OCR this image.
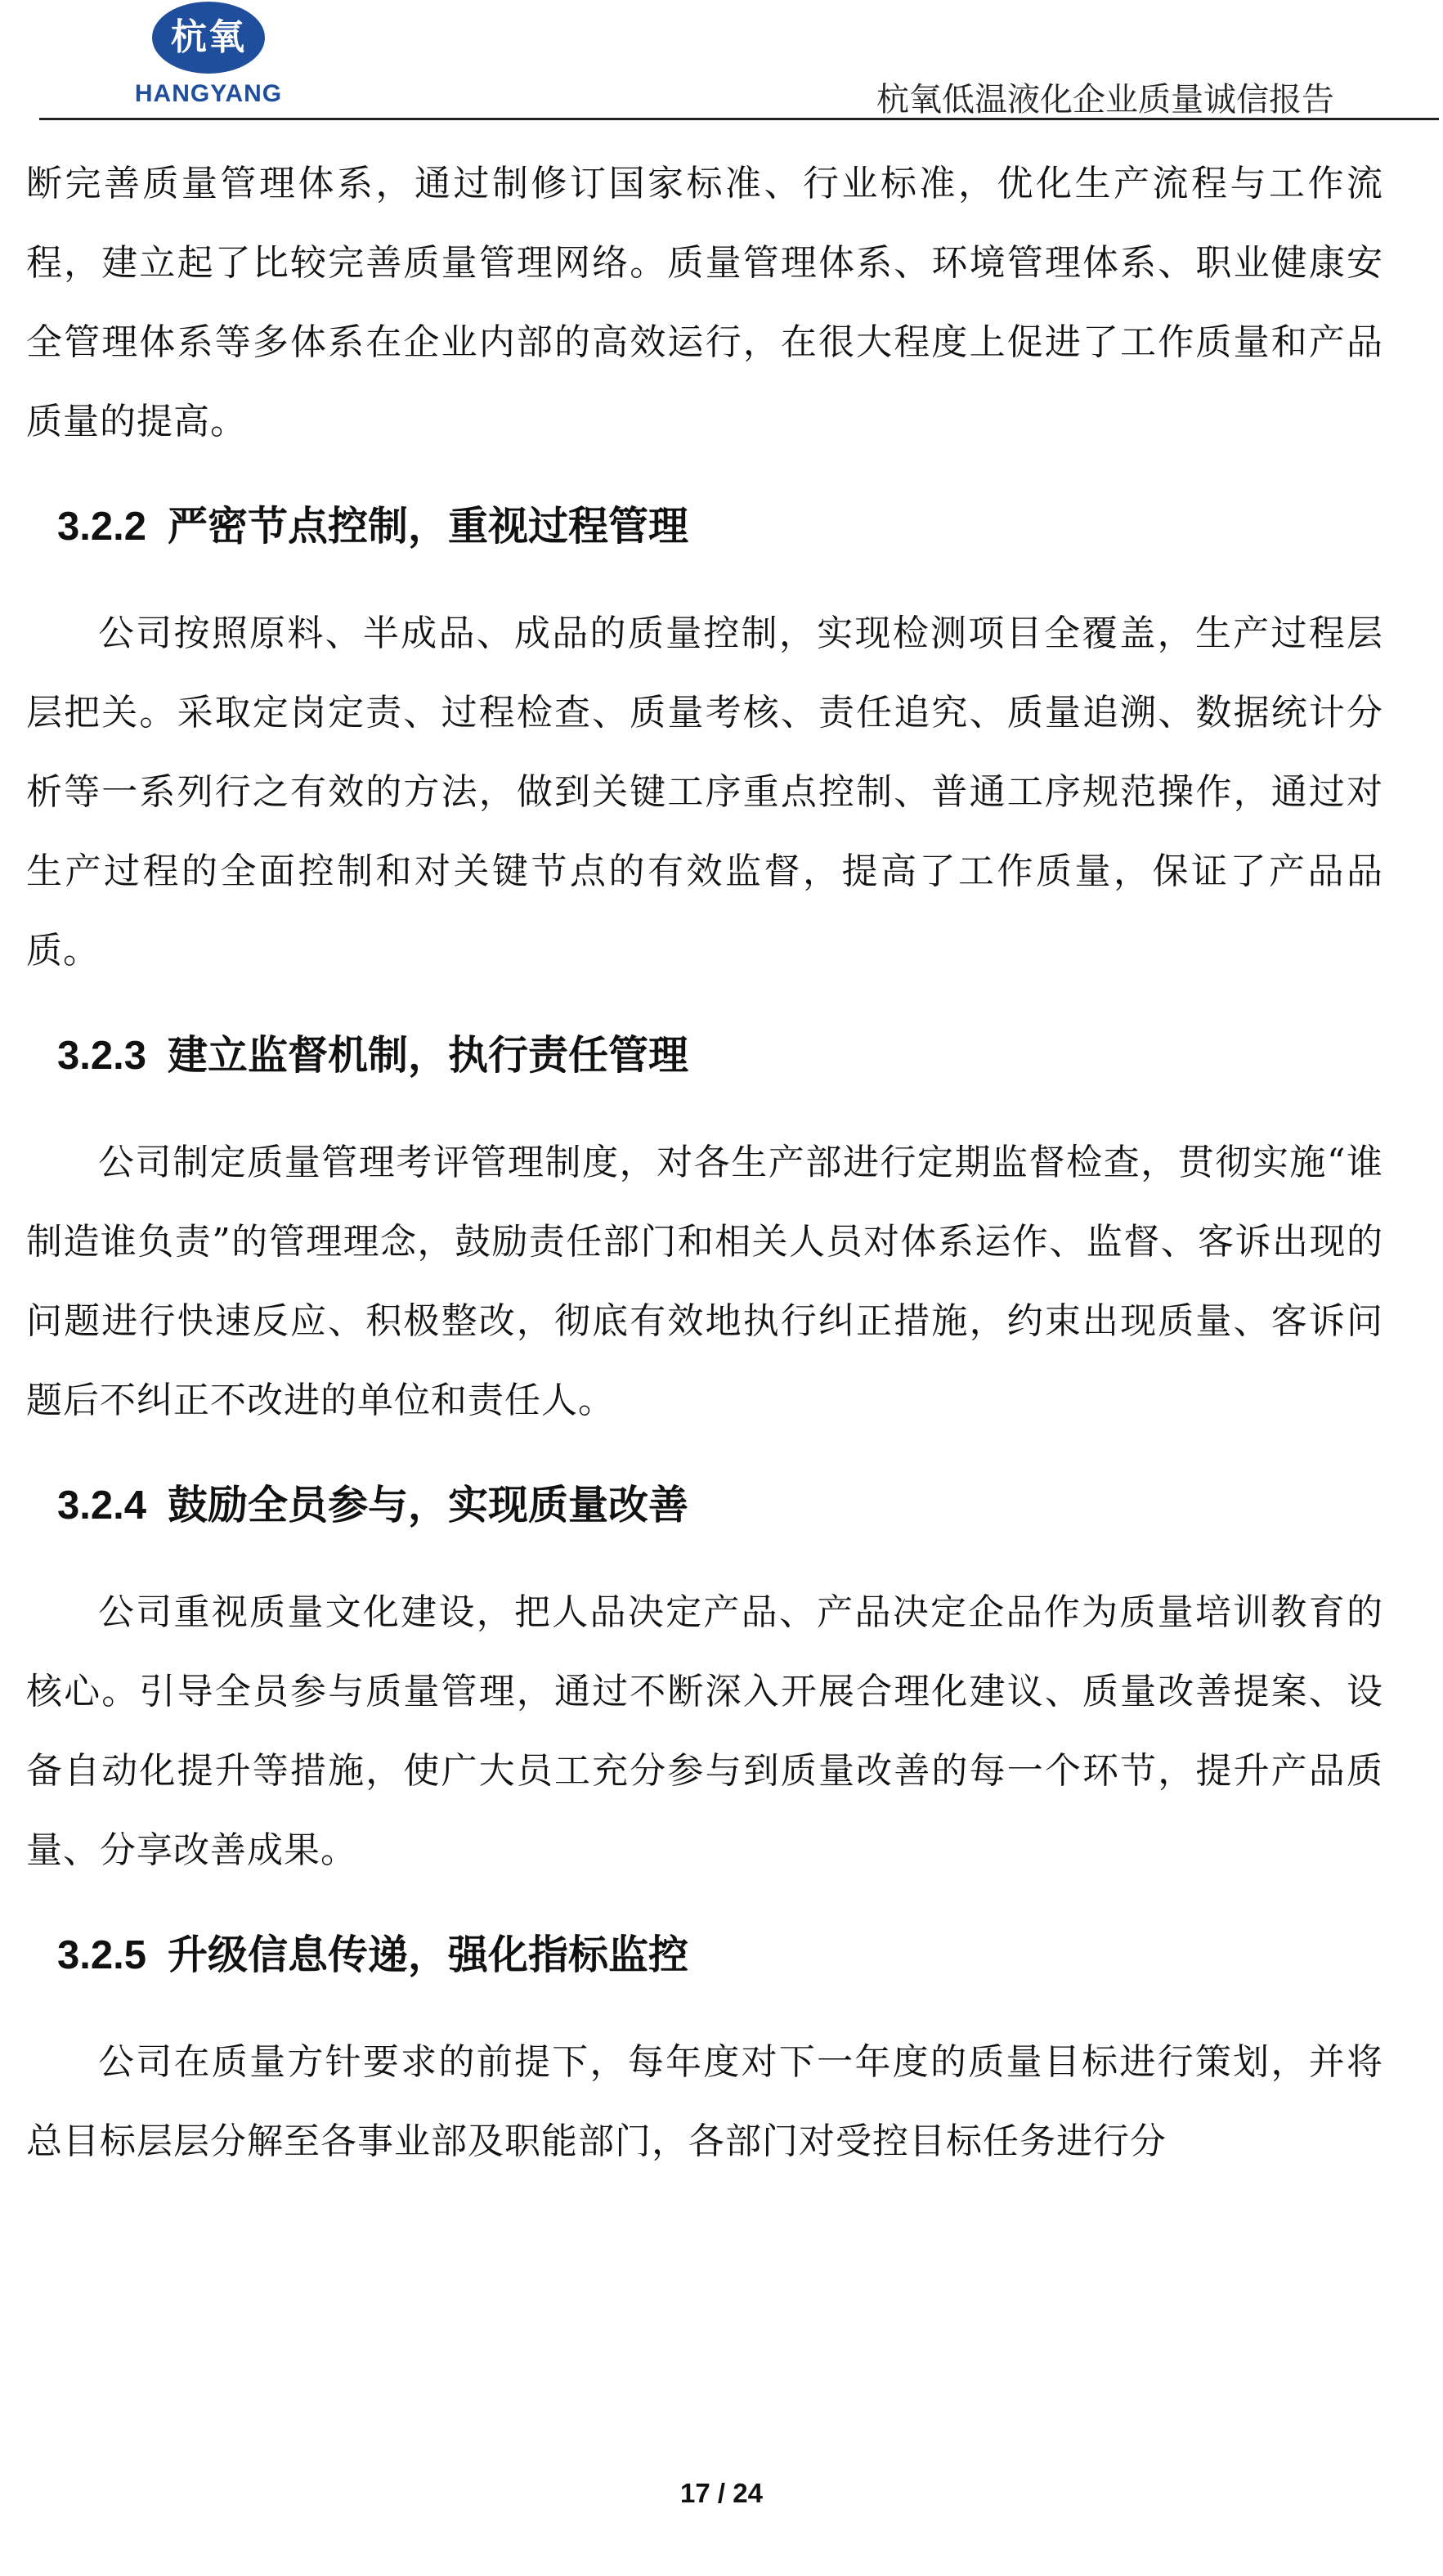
杭氧
HANGYANG	杭氧低温液化企业质量诚信报告

断完善质量管理体系，通过制修订国家标准、行业标准，优化生产流程与工作流程，建立起了比较完善质量管理网络。质量管理体系、环境管理体系、职业健康安全管理体系等多体系在企业内部的高效运行，在很大程度上促进了工作质量和产品质量的提高。

3.2.2 严密节点控制，重视过程管理

公司按照原料、半成品、成品的质量控制，实现检测项目全覆盖，生产过程层层把关。采取定岗定责、过程检查、质量考核、责任追究、质量追溯、数据统计分析等一系列行之有效的方法，做到关键工序重点控制、普通工序规范操作，通过对生产过程的全面控制和对关键节点的有效监督，提高了工作质量，保证了产品品质。

3.2.3 建立监督机制，执行责任管理

公司制定质量管理考评管理制度，对各生产部进行定期监督检查，贯彻实施“谁制造谁负责”的管理理念，鼓励责任部门和相关人员对体系运作、监督、客诉出现的问题进行快速反应、积极整改，彻底有效地执行纠正措施，约束出现质量、客诉问题后不纠正不改进的单位和责任人。

3.2.4 鼓励全员参与，实现质量改善

公司重视质量文化建设，把人品决定产品、产品决定企品作为质量培训教育的核心。引导全员参与质量管理，通过不断深入开展合理化建议、质量改善提案、设备自动化提升等措施，使广大员工充分参与到质量改善的每一个环节，提升产品质量、分享改善成果。

3.2.5 升级信息传递，强化指标监控

公司在质量方针要求的前提下，每年度对下一年度的质量目标进行策划，并将总目标层层分解至各事业部及职能部门，各部门对受控目标任务进行分

17 / 24
